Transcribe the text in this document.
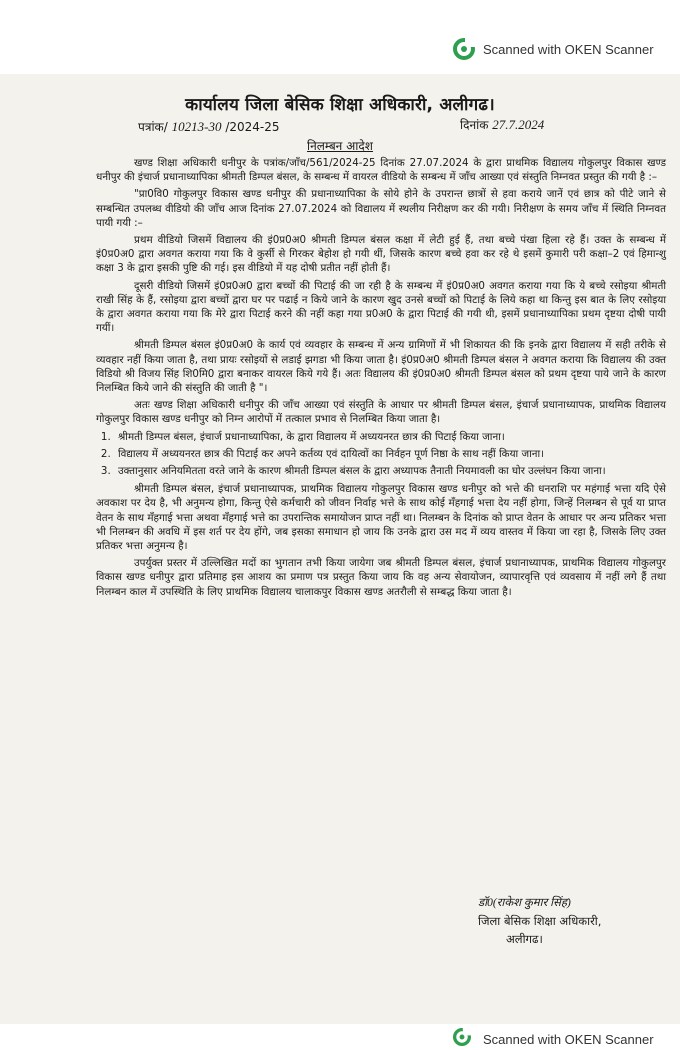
Scanned with OKEN Scanner
कार्यालय जिला बेसिक शिक्षा अधिकारी, अलीगढ।
पत्रांक/ 10213-30 /2024-25	दिनांक 27.7.2024
निलम्बन आदेश

खण्ड शिक्षा अधिकारी धनीपुर के पत्रांक/जाँच/561/2024-25 दिनांक 27.07.2024 के द्वारा प्राथमिक विद्यालय गोकुलपुर विकास खण्ड धनीपुर की इंचार्ज प्रधानाध्यापिका श्रीमती डिम्पल बंसल, के सम्बन्ध में वायरल वीडियो के सम्बन्ध में जाँच आख्या एवं संस्तुति निम्नवत प्रस्तुत की गयी है :–

"प्रा0वि0 गोकुलपुर विकास खण्ड धनीपुर की प्रधानाध्यापिका के सोये होने के उपरान्त छात्रों से हवा कराये जानें एवं छात्र को पीटे जाने से सम्बन्धित उपलब्ध वीडियो की जाँच आज दिनांक 27.07.2024 को विद्यालय में स्थलीय निरीक्षण कर की गयी। निरीक्षण के समय जाँच में स्थिति निम्नवत पायी गयी :–

प्रथम वीडियो जिसमें विद्यालय की इं0प्र0अ0 श्रीमती डिम्पल बंसल कक्षा में लेटी हुई हैं, तथा बच्चे पंखा हिला रहे हैं। उक्त के सम्बन्ध में इं0प्र0अ0 द्वारा अवगत कराया गया कि वे कुर्सी से गिरकर बेहोश हो गयी थीं, जिसके कारण बच्चे हवा कर रहे थे इसमें कुमारी परी कक्षा–2 एवं हिमान्शु कक्षा 3 के द्वारा इसकी पुष्टि की गई। इस वीडियो में यह दोषी प्रतीत नहीं होती हैं।

दूसरी वीडियो जिसमें इं0प्र0अ0 द्वारा बच्चों की पिटाई की जा रही है के सम्बन्ध में इं0प्र0अ0 अवगत कराया गया कि ये बच्चे रसोइया श्रीमती राखी सिंह के हैं, रसोइया द्वारा बच्चों द्वारा घर पर पढाई न किये जाने के कारण खुद उनसे बच्चों को पिटाई के लिये कहा था किन्तु इस बात के लिए रसोइया के द्वारा अवगत कराया गया कि मेरे द्वारा पिटाई करने की नहीं कहा गया प्र0अ0 के द्वारा पिटाई की गयी थी, इसमें प्रधानाध्यापिका प्रथम दृष्टया दोषी पायी गयीं।

श्रीमती डिम्पल बंसल इं0प्र0अ0 के कार्य एवं व्यवहार के सम्बन्ध में अन्य ग्रामिणों में भी शिकायत की कि इनके द्वारा विद्यालय में सही तरीके से व्यवहार नहीं किया जाता है, तथा प्रायः रसोइयों से लडाई झगडा भी किया जाता है। इं0प्र0अ0 श्रीमती डिम्पल बंसल ने अवगत कराया कि विद्यालय की उक्त विडियो श्री विजय सिंह शि0मि0 द्वारा बनाकर वायरल किये गये हैं। अतः विद्यालय की इं0प्र0अ0 श्रीमती डिम्पल बंसल को प्रथम दृष्टया पाये जाने के कारण निलम्बित किये जाने की संस्तुति की जाती है "।

अतः खण्ड शिक्षा अधिकारी धनीपुर की जाँच आख्या एवं संस्तुति के आधार पर श्रीमती डिम्पल बंसल, इंचार्ज प्रधानाध्यापक, प्राथमिक विद्यालय गोकुलपुर विकास खण्ड धनीपुर को निम्न आरोपों में तत्काल प्रभाव से निलम्बित किया जाता है।

1. श्रीमती डिम्पल बंसल, इंचार्ज प्रधानाध्यापिका, के द्वारा विद्यालय में अध्ययनरत छात्र की पिटाई किया जाना।
2. विद्यालय में अध्ययनरत छात्र की पिटाई कर अपने कर्तव्य एवं दायित्वों का निर्वहन पूर्ण निष्ठा के साथ नहीं किया जाना।
3. उक्तानुसार अनियमितता वरते जाने के कारण श्रीमती डिम्पल बंसल के द्वारा अध्यापक तैनाती नियमावली का घोर उल्लंघन किया जाना।

श्रीमती डिम्पल बंसल, इंचार्ज प्रधानाध्यापक, प्राथमिक विद्यालय गोकुलपुर विकास खण्ड धनीपुर को भत्ते की धनराशि पर महंगाई भत्ता यदि ऐसे अवकाश पर देय है, भी अनुमन्य होगा, किन्तु ऐसे कर्मचारी को जीवन निर्वाह भत्ते के साथ कोई मँहगाई भत्ता देय नहीं होगा, जिन्हें निलम्बन से पूर्व या प्राप्त वेतन के साथ मँहगाई भत्ता अथवा मँहगाई भत्ते का उपरान्तिक समायोजन प्राप्त नहीं था। निलम्बन के दिनांक को प्राप्त वेतन के आधार पर अन्य प्रतिकर भत्ता भी निलम्बन की अवधि में इस शर्त पर देय होंगे, जब इसका समाधान हो जाय कि उनके द्वारा उस मद में व्यय वास्तव में किया जा रहा है, जिसके लिए उक्त प्रतिकर भत्ता अनुमन्य है।

उपर्युक्त प्रस्तर में उल्लिखित मदों का भुगतान तभी किया जायेगा जब श्रीमती डिम्पल बंसल, इंचार्ज प्रधानाध्यापक, प्राथमिक विद्यालय गोकुलपुर विकास खण्ड धनीपुर द्वारा प्रतिमाह इस आशय का प्रमाण पत्र प्रस्तुत किया जाय कि वह अन्य सेवायोजन, व्यापारवृत्ति एवं व्यवसाय में नहीं लगे हैं तथा निलम्बन काल में उपस्थिति के लिए प्राथमिक विद्यालय चालाकपुर विकास खण्ड अतरौली से सम्बद्ध किया जाता है।

डॉ0(राकेश कुमार सिंह)
जिला बेसिक शिक्षा अधिकारी,
अलीगढ।
Scanned with OKEN Scanner
